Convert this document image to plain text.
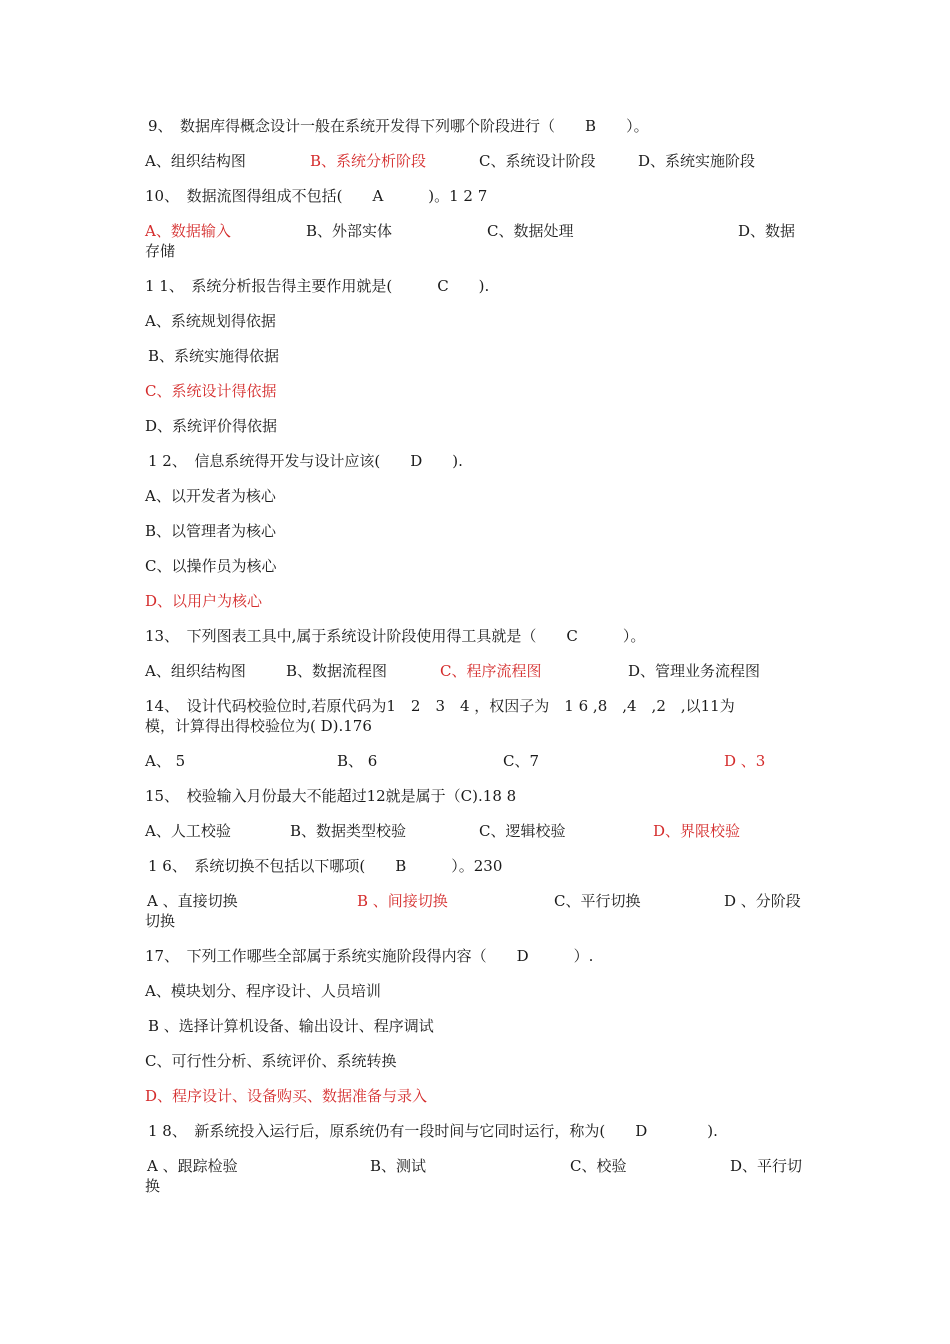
9、　数据库得概念设计一般在系统开发得下列哪个阶段进行（　　B　　）。
A、组织结构图	B、系统分析阶段	C、系统设计阶段	D、系统实施阶段
10、　数据流图得组成不包括(　　A　　　)。1 2 7
A、数据输入	B、外部实体	C、数据处理	D、数据
存储
1 1、　系统分析报告得主要作用就是(　　　C　　).
A、系统规划得依据
B、系统实施得依据
C、系统设计得依据
D、系统评价得依据
1 2、　信息系统得开发与设计应该(　　D　　).
A、以开发者为核心
B、以管理者为核心
C、以操作员为核心
D、以用户为核心
13、　下列图表工具中,属于系统设计阶段使用得工具就是（　　C　　　）。
A、组织结构图	B、数据流程图	C、程序流程图	D、管理业务流程图
14、　设计代码校验位时,若原代码为1　2　3　4 ，权因子为　1 6 ,8　,4　,2　,以11为
模，计算得出得校验位为( D).176
A、 5	B、 6	C、7	D 、3
15、　校验输入月份最大不能超过12就是属于（C).18 8
A、人工校验	B、数据类型校验	C、逻辑校验	D、界限校验
1 6、　系统切换不包括以下哪项(　　B　　　）。230
A 、直接切换	B 、间接切换	C、平行切换	D 、分阶段
切换
17、　下列工作哪些全部属于系统实施阶段得内容（　　D　　　）.
A、模块划分、程序设计、人员培训
B 、选择计算机设备、输出设计、程序调试
C、可行性分析、系统评价、系统转换
D、程序设计、设备购买、数据准备与录入
1 8、　新系统投入运行后，原系统仍有一段时间与它同时运行，称为(　　D　　　　).
A 、跟踪检验	B、测试	C、校验	D、平行切
换
